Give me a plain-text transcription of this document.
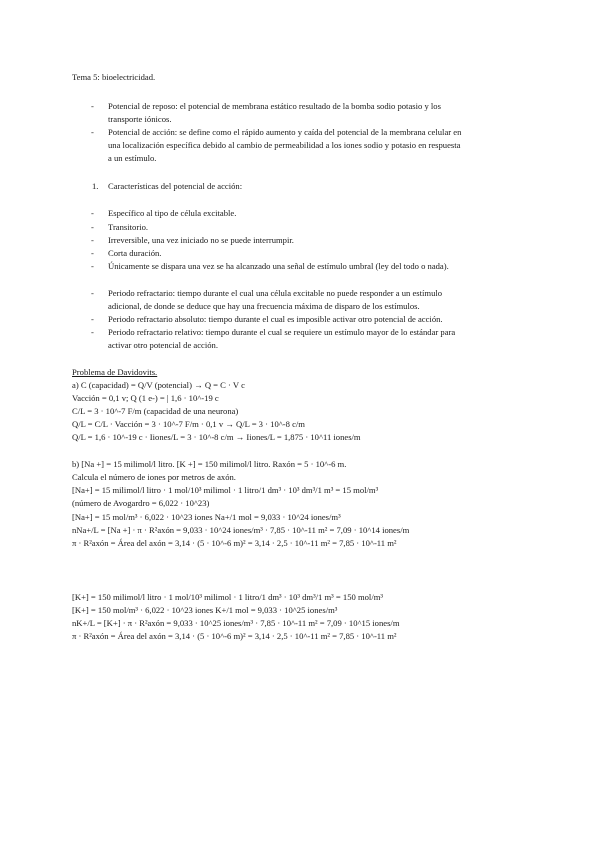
Tema 5: bioelectricidad.
- Potencial de reposo: el potencial de membrana estático resultado de la bomba sodio potasio y los
transporte iónicos.
- Potencial de acción: se define como el rápido aumento y caída del potencial de la membrana celular en
una localización específica debido al cambio de permeabilidad a los iones sodio y potasio en respuesta
a un estímulo.
1. Características del potencial de acción:
- Específico al tipo de célula excitable.
- Transitorio.
- Irreversible, una vez iniciado no se puede interrumpir.
- Corta duración.
- Únicamente se dispara una vez se ha alcanzado una señal de estímulo umbral (ley del todo o nada).
- Periodo refractario: tiempo durante el cual una célula excitable no puede responder a un estímulo
adicional, de donde se deduce que hay una frecuencia máxima de disparo de los estímulos.
- Periodo refractario absoluto: tiempo durante el cual es imposible activar otro potencial de acción.
- Periodo refractario relativo: tiempo durante el cual se requiere un estímulo mayor de lo estándar para
activar otro potencial de acción.
Problema de Davidovits.
a) C (capacidad) = Q/V (potencial) → Q = C · V c
Vacción = 0,1 v; Q (1 e-) = | 1,6 · 10^-19 c
C/L = 3 · 10^-7 F/m (capacidad de una neurona)
Q/L = C/L · Vacción = 3 · 10^-7 F/m · 0,1 v → Q/L = 3 · 10^-8 c/m
Q/L = 1,6 · 10^-19 c · Iiones/L = 3 · 10^-8 c/m → Iiones/L = 1,875 · 10^11 iones/m
b) [Na +] = 15 milimol/l litro. [K +] = 150 milimol/l litro. Raxón = 5 · 10^-6 m.
Calcula el número de iones por metros de axón.
[Na+] = 15 milimol/l litro · 1 mol/10³ milimol · 1 litro/1 dm³ · 10³ dm³/1 m³ = 15 mol/m³
(número de Avogardro = 6,022 · 10^23)
[Na+] = 15 mol/m³ · 6,022 · 10^23 iones Na+/1 mol = 9,033 · 10^24 iones/m³
nNa+/L = [Na +] · π · R²axón = 9,033 · 10^24 iones/m³ · 7,85 · 10^-11 m² = 7,09 · 10^14 iones/m
π · R²axón = Área del axón = 3,14 · (5 · 10^-6 m)² = 3,14 · 2,5 · 10^-11 m² = 7,85 · 10^-11 m²
[K+] = 150 milimol/l litro · 1 mol/10³ milimol · 1 litro/1 dm³ · 10³ dm³/1 m³ = 150 mol/m³
[K+] = 150 mol/m³ · 6,022 · 10^23 iones K+/1 mol = 9,033 · 10^25 iones/m³
nK+/L = [K+] · π · R²axón = 9,033 · 10^25 iones/m³ · 7,85 · 10^-11 m² = 7,09 · 10^15 iones/m
π · R²axón = Área del axón = 3,14 · (5 · 10^-6 m)² = 3,14 · 2,5 · 10^-11 m² = 7,85 · 10^-11 m²
